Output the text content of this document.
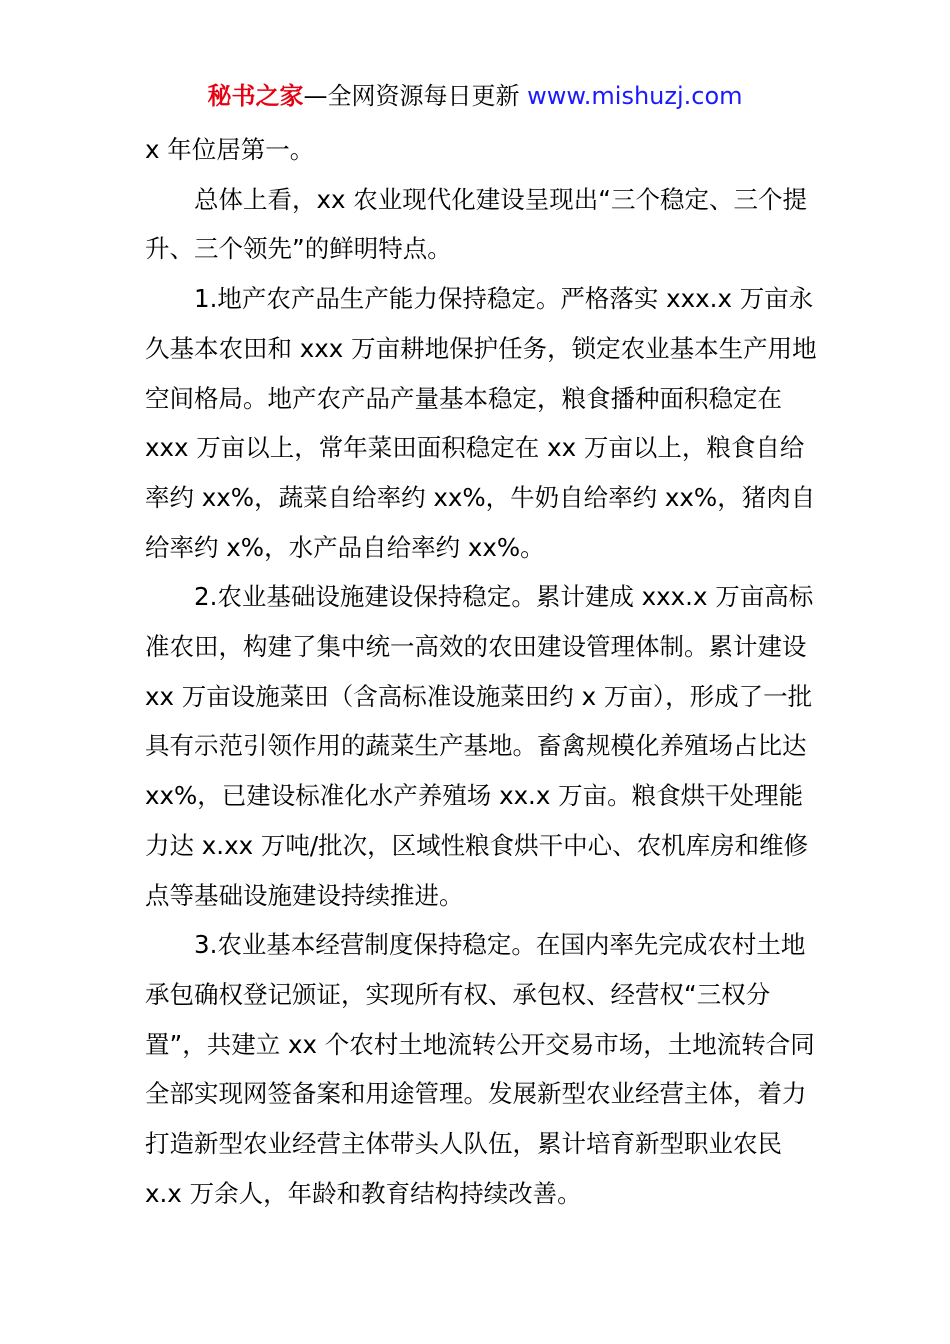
秘书之家—全网资源每日更新 www.mishuzj.com

x 年位居第一。

总体上看，xx 农业现代化建设呈现出“三个稳定、三个提升、三个领先”的鲜明特点。

1.地产农产品生产能力保持稳定。严格落实 xxx.x 万亩永久基本农田和 xxx 万亩耕地保护任务，锁定农业基本生产用地空间格局。地产农产品产量基本稳定，粮食播种面积稳定在 xxx 万亩以上，常年菜田面积稳定在 xx 万亩以上，粮食自给率约 xx%，蔬菜自给率约 xx%，牛奶自给率约 xx%，猪肉自给率约 x%，水产品自给率约 xx%。

2.农业基础设施建设保持稳定。累计建成 xxx.x 万亩高标准农田，构建了集中统一高效的农田建设管理体制。累计建设 xx 万亩设施菜田（含高标准设施菜田约 x 万亩），形成了一批具有示范引领作用的蔬菜生产基地。畜禽规模化养殖场占比达 xx%，已建设标准化水产养殖场 xx.x 万亩。粮食烘干处理能力达 x.xx 万吨/批次，区域性粮食烘干中心、农机库房和维修点等基础设施建设持续推进。

3.农业基本经营制度保持稳定。在国内率先完成农村土地承包确权登记颁证，实现所有权、承包权、经营权“三权分置”，共建立 xx 个农村土地流转公开交易市场，土地流转合同全部实现网签备案和用途管理。发展新型农业经营主体，着力打造新型农业经营主体带头人队伍，累计培育新型职业农民 x.x 万余人，年龄和教育结构持续改善。
